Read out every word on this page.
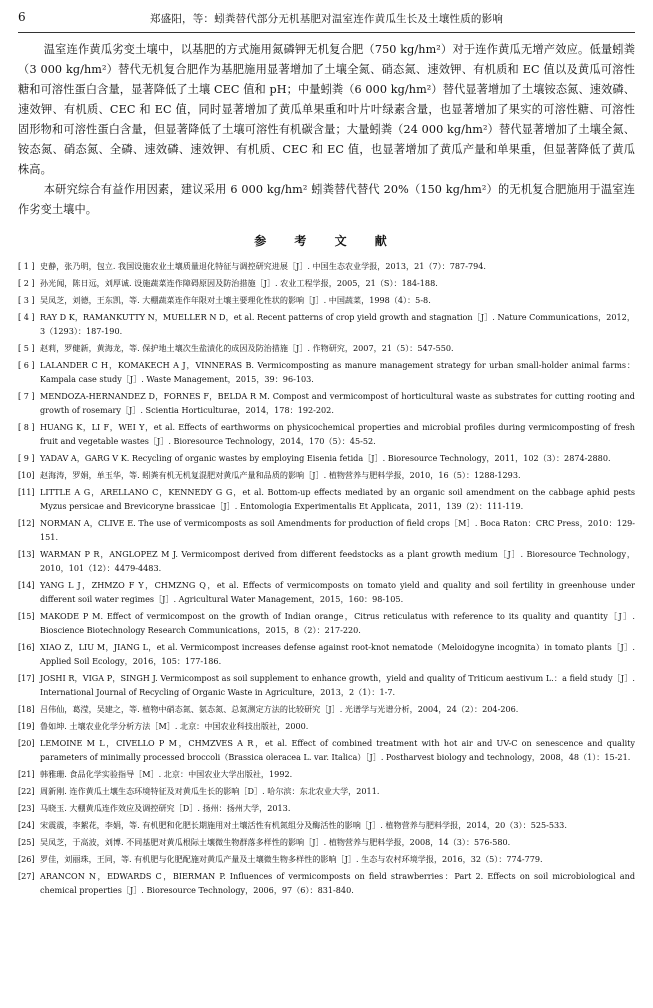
6	郑盛阳，等：蚓粪替代部分无机基肥对温室连作黄瓜生长及土壤性质的影响

温室连作黄瓜劣变土壤中，以基肥的方式施用氮磷钾无机复合肥（750 kg/hm²）对于连作黄瓜无增产效应。低量蚓粪（3 000 kg/hm²）替代无机复合肥作为基肥施用显著增加了土壤全氮、硝态氮、速效钾、有机质和 EC 值以及黄瓜可溶性糖和可溶性蛋白含量，显著降低了土壤 CEC 值和 pH；中量蚓粪（6 000 kg/hm²）替代显著增加了土壤铵态氮、速效磷、速效钾、有机质、CEC 和 EC 值，同时显著增加了黄瓜单果重和叶片叶绿素含量，也显著增加了果实的可溶性糖、可溶性固形物和可溶性蛋白含量，但显著降低了土壤可溶性有机碳含量；大量蚓粪（24 000 kg/hm²）替代显著增加了土壤全氮、铵态氮、硝态氮、全磷、速效磷、速效钾、有机质、CEC 和 EC 值，也显著增加了黄瓜产量和单果重，但显著降低了黄瓜株高。

本研究综合有益作用因素，建议采用 6 000 kg/hm² 蚓粪替代替代 20%（150 kg/hm²）的无机复合肥施用于温室连作劣变土壤中。

参 考 文 献
[ 1 ] 史静，张乃明，包立. 我国设施农业土壤质量退化特征与调控研究进展［J］. 中国生态农业学报，2013，21（7）：787-794.
[ 2 ] 孙光闻，陈日远，刘厚诚. 设施蔬菜连作障碍原因及防治措施［J］. 农业工程学报，2005，21（S）：184-188.
[ 3 ] 吴凤芝，刘德，王东凯，等. 大棚蔬菜连作年限对土壤主要理化性状的影响［J］. 中国蔬菜，1998（4）：5-8.
[ 4 ] RAY D K，RAMANKUTTY N，MUELLER N D，et al. Recent patterns of crop yield growth and stagnation［J］. Nature Communications，2012，3（1293）：187-190.
[ 5 ] 赵莉，罗健新，黄海龙，等. 保护地土壤次生盐渍化的成因及防治措施［J］. 作物研究，2007，21（5）：547-550.
[ 6 ] LALANDER C H，KOMAKECH A J，VINNERAS B. Vermicomposting as manure management strategy for urban small-holder animal farms：Kampala case study［J］. Waste Management，2015，39：96-103.
[ 7 ] MENDOZA-HERNANDEZ D，FORNES F，BELDA R M. Compost and vermicompost of horticultural waste as substrates for cutting rooting and growth of rosemary［J］. Scientia Horticulturae，2014，178：192-202.
[ 8 ] HUANG K，LI F，WEI Y，et al. Effects of earthworms on physicochemical properties and microbial profiles during vermicomposting of fresh fruit and vegetable wastes［J］. Bioresource Technology，2014，170（5）：45-52.
[ 9 ] YADAV A，GARG V K. Recycling of organic wastes by employing Eisenia fetida［J］. Bioresource Technology，2011，102（3）：2874-2880.
[10] 赵海涛，罗娟，单玉华，等. 蚓粪有机无机复混肥对黄瓜产量和品质的影响［J］. 植物营养与肥料学报，2010，16（5）：1288-1293.
[11] LITTLE A G，ARELLANO C，KENNEDY G G，et al. Bottom-up effects mediated by an organic soil amendment on the cabbage aphid pests Myzus persicae and Brevicoryne brassicae［J］. Entomologia Experimentalis Et Applicata，2011，139（2）：111-119.
[12] NORMAN A，CLIVE E. The use of vermicomposts as soil Amendments for production of field crops［M］. Boca Raton：CRC Press，2010：129-151.
[13] WARMAN P R，ANGLOPEZ M J. Vermicompost derived from different feedstocks as a plant growth medium［J］. Bioresource Technology，2010，101（12）：4479-4483.
[14] YANG L J，ZHMZO F Y，CHMZNG Q，et al. Effects of vermicomposts on tomato yield and quality and soil fertility in greenhouse under different soil water regimes［J］. Agricultural Water Management，2015，160：98-105.
[15] MAKODE P M. Effect of vermicompost on the growth of Indian orange，Citrus reticulatus with reference to its quality and quantity［J］. Bioscience Biotechnology Research Communications，2015，8（2）：217-220.
[16] XIAO Z，LIU M，JIANG L，et al. Vermicompost increases defense against root-knot nematode（Meloidogyne incognita）in tomato plants［J］. Applied Soil Ecology，2016，105：177-186.
[17] JOSHI R，VIGA P，SINGH J. Vermicompost as soil supplement to enhance growth，yield and quality of Triticum aestivum L.：a field study［J］. International Journal of Recycling of Organic Waste in Agriculture，2013，2（1）：1-7.
[18] 吕伟仙，葛滢，吴建之，等. 植物中硝态氮、氨态氮、总氮测定方法的比较研究［J］. 光谱学与光谱分析，2004，24（2）：204-206.
[19] 鲁如坤. 土壤农业化学分析方法［M］. 北京：中国农业科技出版社，2000.
[20] LEMOINE M L，CIVELLO P M，CHMZVES A R，et al. Effect of combined treatment with hot air and UV-C on senescence and quality parameters of minimally processed broccoli（Brassica oleracea L. var. Italica）［J］. Postharvest biology and technology，2008，48（1）：15-21.
[21] 韩雅珊. 食品化学实验指导［M］. 北京：中国农业大学出版社，1992.
[22] 周新刚. 连作黄瓜土壤生态环境特征及对黄瓜生长的影响［D］. 哈尔滨：东北农业大学，2011.
[23] 马晓玉. 大棚黄瓜连作效应及调控研究［D］. 扬州：扬州大学，2013.
[24] 宋震震，李絮花，李娟，等. 有机肥和化肥长期施用对土壤活性有机氮组分及酶活性的影响［J］. 植物营养与肥料学报，2014，20（3）：525-533.
[25] 吴凤芝，于高波，刘博. 不同基肥对黄瓜根际土壤微生物群落多样性的影响［J］. 植物营养与肥料学报，2008，14（3）：576-580.
[26] 罗佳，刘丽珠，王同，等. 有机肥与化肥配施对黄瓜产量及土壤微生物多样性的影响［J］. 生态与农村环境学报，2016，32（5）：774-779.
[27] ARANCON N，EDWARDS C，BIERMAN P. Influences of vermicomposts on field strawberries：Part 2. Effects on soil microbiological and chemical properties［J］. Bioresource Technology，2006，97（6）：831-840.
